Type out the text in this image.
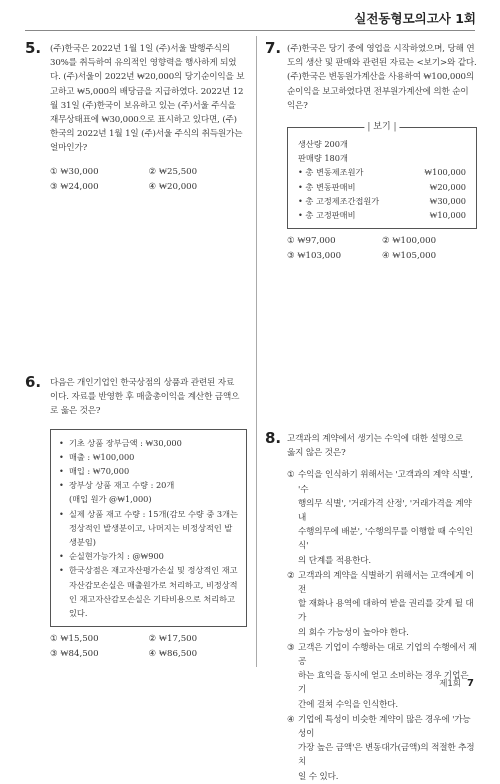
실전동형모의고사 1회
5. (주)한국은 2022년 1월 1일 (주)서울 발행주식의
30%를 취득하여 유의적인 영향력을 행사하게 되었
다. (주)서울이 2022년 ₩20,000의 당기순이익을 보
고하고 ₩5,000의 배당금을 지급하였다. 2022년 12
월 31일 (주)한국이 보유하고 있는 (주)서울 주식을
재무상태표에 ₩30,000으로 표시하고 있다면, (주)
한국의 2022년 1월 1일 (주)서울 주식의 취득원가는
얼마인가?
① ₩30,000	② ₩25,500
③ ₩24,000	④ ₩20,000
6. 다음은 개인기업인 한국상점의 상품과 관련된 자료
이다. 자료를 반영한 후 매출총이익을 계산한 금액으
로 옳은 것은?
• 기초 상품 장부금액 : ₩30,000
• 매출 : ₩100,000
• 매입 : ₩70,000
• 장부상 상품 재고 수량 : 20개
(매입 원가 @₩1,000)
• 실제 상품 재고 수량 : 15개(감모 수량 중 3개는
정상적인 발생분이고, 나머지는 비정상적인 발
생분임)
• 순실현가능가치 : @₩900
• 한국상점은 재고자산평가손실 및 정상적인 재고
자산감모손실은 매출원가로 처리하고, 비정상적
인 재고자산감모손실은 기타비용으로 처리하고
있다.
① ₩15,500	② ₩17,500
③ ₩84,500	④ ₩86,500
7. (주)한국은 당기 중에 영업을 시작하였으며, 당해 연
도의 생산 및 판매와 관련된 자료는 <보기>와 같다.
(주)한국은 변동원가계산을 사용하여 ₩100,000의
순이익을 보고하였다면 전부원가계산에 의한 순이
익은?
| 보기 |
생산량 200개
판매량 180개
• 총 변동제조원가	₩100,000
• 총 변동판매비	₩20,000
• 총 고정제조간접원가	₩30,000
• 총 고정판매비	₩10,000
① ₩97,000	② ₩100,000
③ ₩103,000	④ ₩105,000
8. 고객과의 계약에서 생기는 수익에 대한 설명으로
옳지 않은 것은?
① 수익을 인식하기 위해서는 '고객과의 계약 식별', '수
행의무 식별', '거래가격 산정', '거래가격을 계약 내
수행의무에 배분', '수행의무를 이행할 때 수익인식'
의 단계를 적용한다.
② 고객과의 계약을 식별하기 위해서는 고객에게 이전
할 재화나 용역에 대하여 받을 권리를 갖게 될 대가
의 회수 가능성이 높아야 한다.
③ 고객은 기업이 수행하는 대로 기업의 수행에서 제공
하는 효익을 동시에 얻고 소비하는 경우 기업은 기
간에 걸쳐 수익을 인식한다.
④ 기업에 특성이 비슷한 계약이 많은 경우에 '가능성이
가장 높은 금액'은 변동대가(금액)의 적절한 추정치
일 수 있다.
제1회 7
